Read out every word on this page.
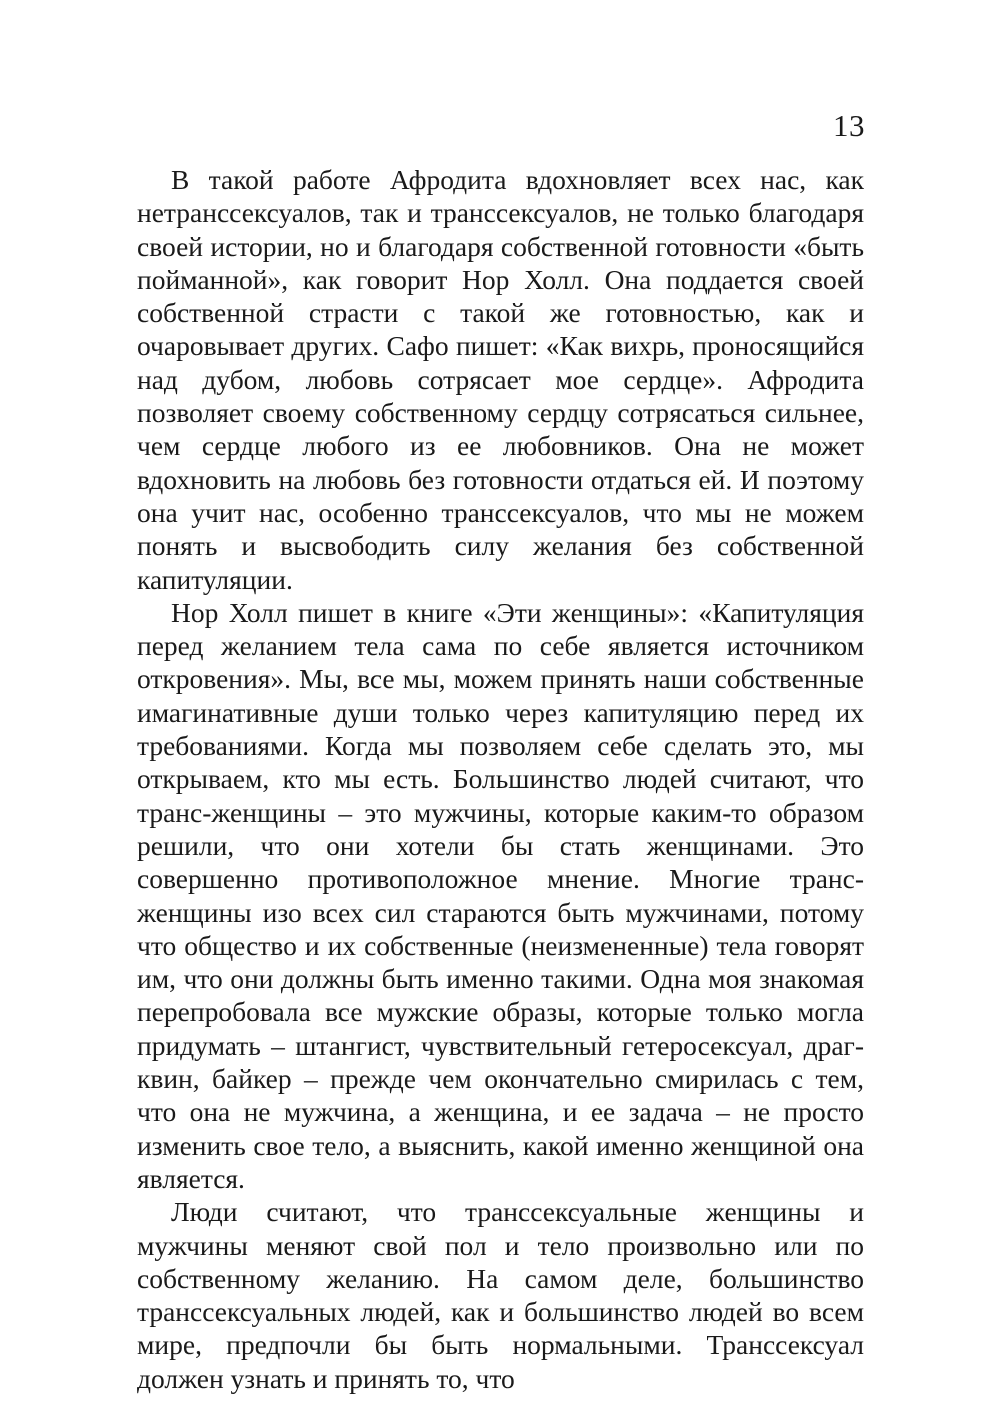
13

В такой работе Афродита вдохновляет всех нас, как нетранссексуалов, так и транссексуалов, не только благодаря своей истории, но и благодаря собственной готовности «быть пойманной», как говорит Нор Холл. Она поддается своей собственной страсти с такой же готовностью, как и очаровывает других. Сафо пишет: «Как вихрь, проносящийся над дубом, любовь сотрясает мое сердце». Афродита позволяет своему собственному сердцу сотрясаться сильнее, чем сердце любого из ее любовников. Она не может вдохновить на любовь без готовности отдаться ей. И поэтому она учит нас, особенно транссексуалов, что мы не можем понять и высвободить силу желания без собственной капитуляции.

Нор Холл пишет в книге «Эти женщины»: «Капитуляция перед желанием тела сама по себе является источником откровения». Мы, все мы, можем принять наши собственные имагинативные души только через капитуляцию перед их требованиями. Когда мы позволяем себе сделать это, мы открываем, кто мы есть. Большинство людей считают, что транс-женщины – это мужчины, которые каким-то образом решили, что они хотели бы стать женщинами. Это совершенно противоположное мнение. Многие транс-женщины изо всех сил стараются быть мужчинами, потому что общество и их собственные (неизмененные) тела говорят им, что они должны быть именно такими. Одна моя знакомая перепробовала все мужские образы, которые только могла придумать – штангист, чувствительный гетеросексуал, драг-квин, байкер – прежде чем окончательно смирилась с тем, что она не мужчина, а женщина, и ее задача – не просто изменить свое тело, а выяснить, какой именно женщиной она является.

Люди считают, что транссексуальные женщины и мужчины меняют свой пол и тело произвольно или по собственному желанию. На самом деле, большинство транссексуальных людей, как и большинство людей во всем мире, предпочли бы быть нормальными. Транссексуал должен узнать и принять то, что
